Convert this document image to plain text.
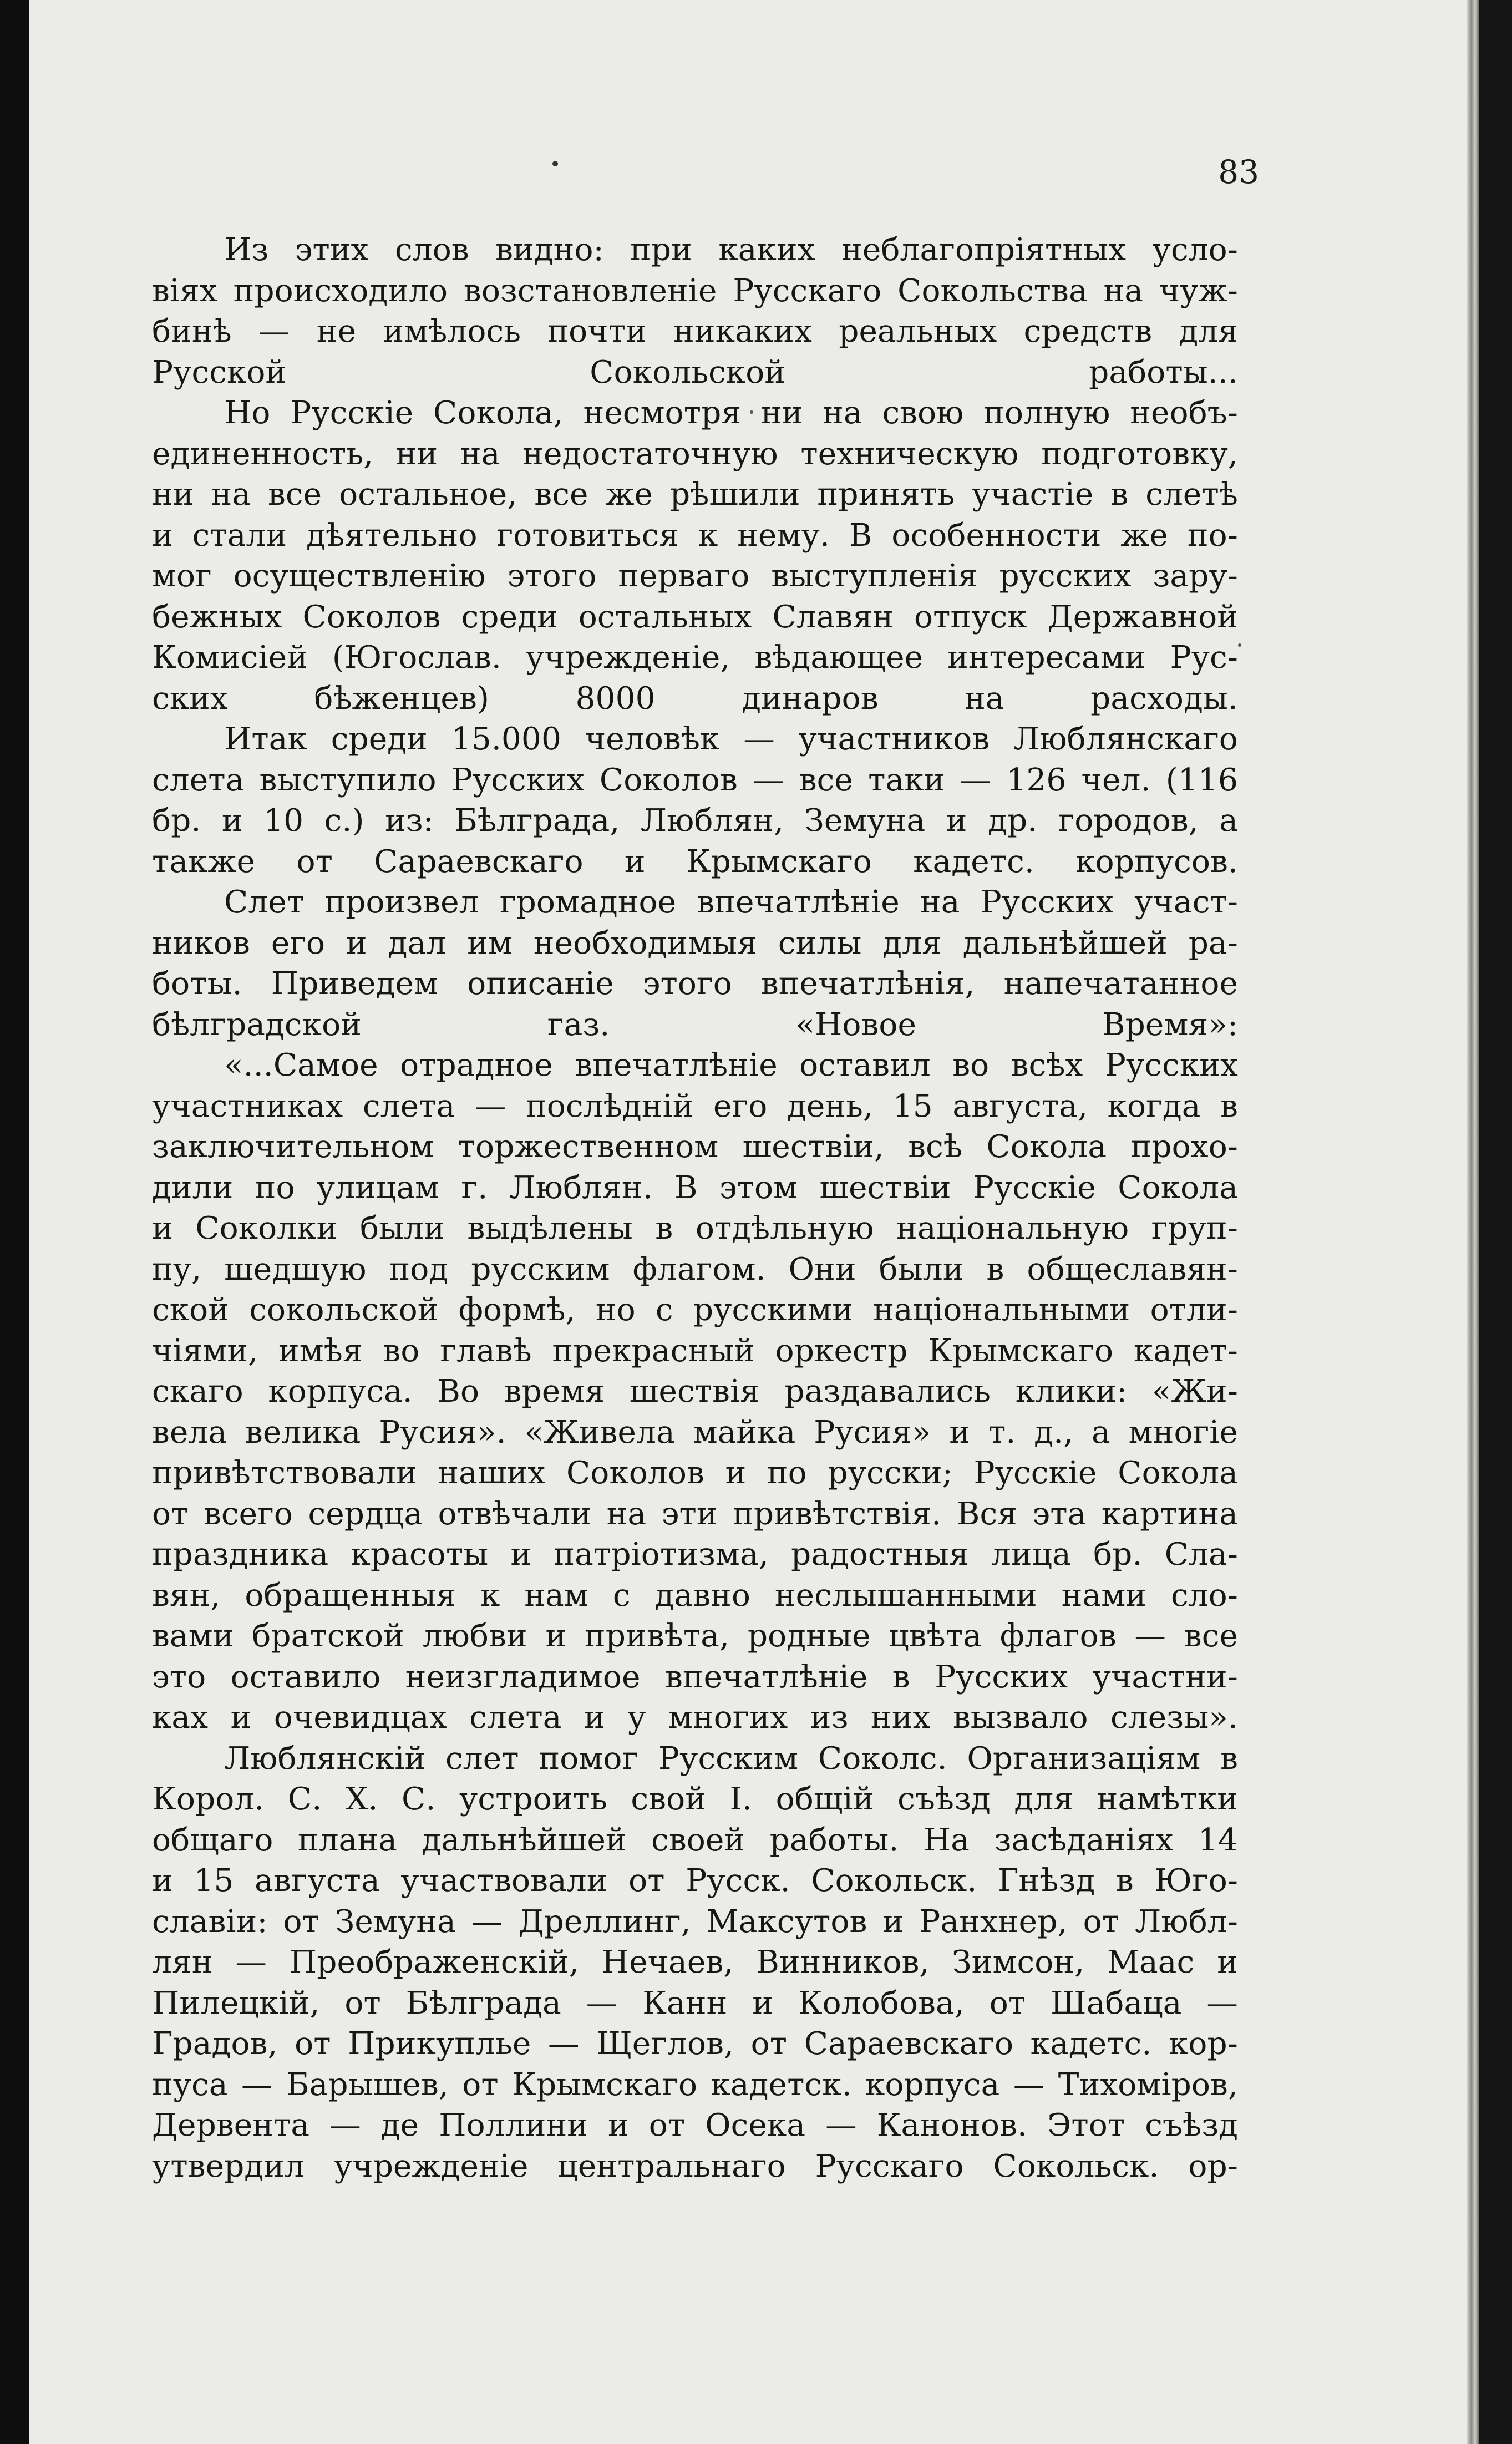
83

Из этих слов видно: при каких неблагопріятных усло-
віях происходило возстановленіе Русскаго Сокольства на чуж-
бинѣ — не имѣлось почти никаких реальных средств для
Русской Сокольской работы...

Но Русскіе Сокола, несмотря ни на свою полную необъ-
единенность, ни на недостаточную техническую подготовку,
ни на все остальное, все же рѣшили принять участіе в слетѣ
и стали дѣятельно готовиться к нему. В особенности же по-
мог осуществленію этого перваго выступленія русских зару-
бежных Соколов среди остальных Славян отпуск Державной
Комисіей (Югослав. учрежденіе, вѣдающее интересами Рус-
ских бѣженцев) 8000 динаров на расходы.

Итак среди 15.000 человѣк — участников Люблянскаго
слета выступило Русских Соколов — все таки — 126 чел. (116
бр. и 10 с.) из: Бѣлграда, Люблян, Земуна и др. городов, а
также от Сараевскаго и Крымскаго кадетс. корпусов.

Слет произвел громадное впечатлѣніе на Русских участ-
ников его и дал им необходимыя силы для дальнѣйшей ра-
боты. Приведем описаніе этого впечатлѣнія, напечатанное
бѣлградской газ. «Новое Время»:

«...Самое отрадное впечатлѣніе оставил во всѣх Русских
участниках слета — послѣдній его день, 15 августа, когда в
заключительном торжественном шествіи, всѣ Сокола прохо-
дили по улицам г. Люблян. В этом шествіи Русскіе Сокола
и Соколки были выдѣлены в отдѣльную національную груп-
пу, шедшую под русским флагом. Они были в общеславян-
ской сокольской формѣ, но с русскими національными отли-
чіями, имѣя во главѣ прекрасный оркестр Крымскаго кадет-
скаго корпуса. Во время шествія раздавались клики: «Жи-
вела велика Русия». «Живела майка Русия» и т. д., а многіе
привѣтствовали наших Соколов и по русски; Русскіе Сокола
от всего сердца отвѣчали на эти привѣтствія. Вся эта картина
праздника красоты и патріотизма, радостныя лица бр. Сла-
вян, обращенныя к нам с давно неслышанными нами сло-
вами братской любви и привѣта, родные цвѣта флагов — все
это оставило неизгладимое впечатлѣніе в Русских участни-
ках и очевидцах слета и у многих из них вызвало слезы».

Люблянскій слет помог Русским Соколс. Организаціям в
Корол. С. Х. С. устроить свой I. общій съѣзд для намѣтки
общаго плана дальнѣйшей своей работы. На засѣданіях 14
и 15 августа участвовали от Русск. Сокольск. Гнѣзд в Юго-
славіи: от Земуна — Дреллинг, Максутов и Ранхнер, от Любл-
лян — Преображенскій, Нечаев, Винников, Зимсон, Маас и
Пилецкій, от Бѣлграда — Канн и Колобова, от Шабаца —
Градов, от Прикуплье — Щеглов, от Сараевскаго кадетс. кор-
пуса — Барышев, от Крымскаго кадетск. корпуса — Тихоміров,
Дервента — де Поллини и от Осека — Канонов. Этот съѣзд
утвердил учрежденіе центральнаго Русскаго Сокольск. ор-
